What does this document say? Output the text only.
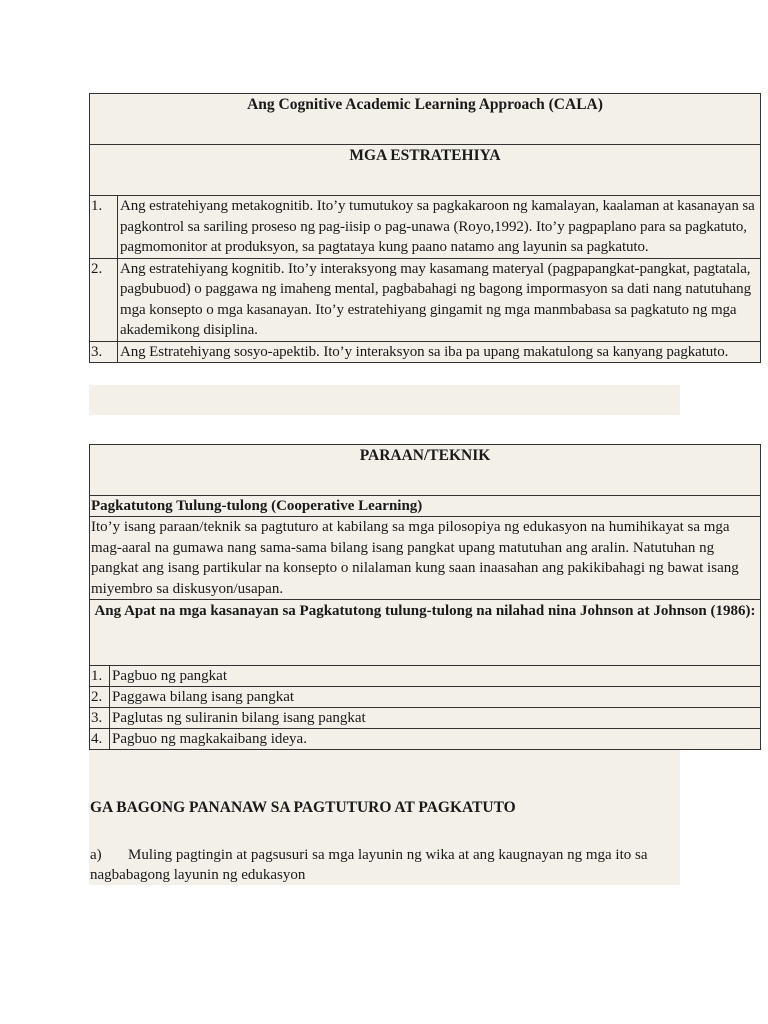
Ang Cognitive Academic Learning Approach (CALA)	
MGA ESTRATEHIYA	
1.	Ang estratehiyang metakognitib. Ito’y tumutukoy sa pagkakaroon ng kamalayan, kaalaman at kasanayan sa pagkontrol sa sariling proseso ng pag-iisip o pag-unawa (Royo,1992). Ito’y pagpaplano para sa pagkatuto, pagmomonitor at produksyon, sa pagtataya kung paano natamo ang layunin sa pagkatuto.
2.	Ang estratehiyang kognitib. Ito’y interaksyong may kasamang materyal (pagpapangkat-pangkat, pagtatala, pagbubuod) o paggawa ng imaheng mental, pagbabahagi ng bagong impormasyon sa dati nang natutuhang mga konsepto o mga kasanayan. Ito’y estratehiyang gingamit ng mga manmbabasa sa pagkatuto ng mga akademikong disiplina.
3.	Ang Estratehiyang sosyo-apektib. Ito’y interaksyon sa iba pa upang makatulong sa kanyang pagkatuto.
PARAAN/TEKNIK	
Pagkatutong Tulung-tulong (Cooperative Learning)	
Ito’y isang paraan/teknik sa pagtuturo at kabilang sa mga pilosopiya ng edukasyon na humihikayat sa mga mag-aaral na gumawa nang sama-sama bilang isang pangkat upang matutuhan ang aralin. Natutuhan ng pangkat ang isang partikular na konsepto o nilalaman kung saan inaasahan ang pakikibahagi ng bawat isang miyembro sa diskusyon/usapan.	
Ang Apat na mga kasanayan sa Pagkatutong tulung-tulong na nilahad nina Johnson at Johnson (1986):	
1.	Pagbuo ng pangkat
2.	Paggawa bilang isang pangkat
3.	Paglutas ng suliranin bilang isang pangkat
4.	Pagbuo ng magkakaibang ideya.
GA BAGONG PANANAW SA PAGTUTURO AT PAGKATUTO
a) Muling pagtingin at pagsusuri sa mga layunin ng wika at ang kaugnayan ng mga ito sa nagbabagong layunin ng edukasyon
